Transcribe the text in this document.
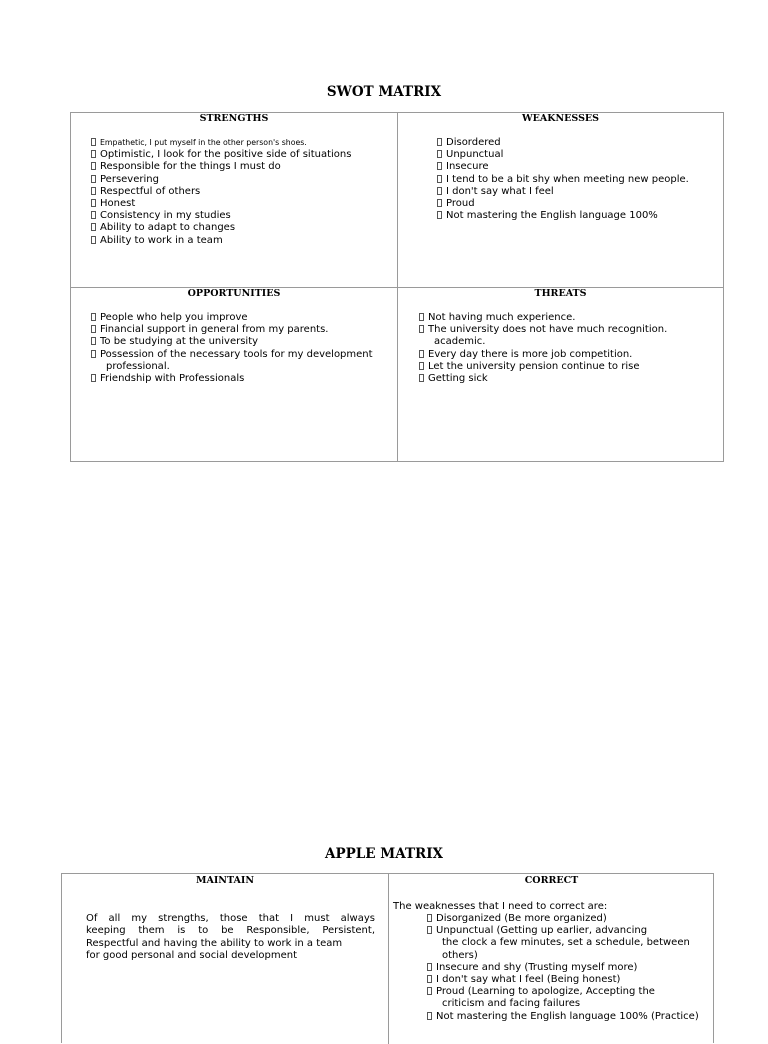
SWOT MATRIX
STRENGTHS
Empathetic, I put myself in the other person's shoes.
Optimistic, I look for the positive side of situations
Responsible for the things I must do
Persevering
Respectful of others
Honest
Consistency in my studies
Ability to adapt to changes
Ability to work in a team
WEAKNESSES
Disordered
Unpunctual
Insecure
I tend to be a bit shy when meeting new people.
I don't say what I feel
Proud
Not mastering the English language 100%
OPPORTUNITIES
People who help you improve
Financial support in general from my parents.
To be studying at the university
Possession of the necessary tools for my development
professional.
Friendship with Professionals
THREATS
Not having much experience.
The university does not have much recognition.
academic.
Every day there is more job competition.
Let the university pension continue to rise
Getting sick
APPLE MATRIX
MAINTAIN
Of all my strengths, those that I must always
keeping them is to be Responsible, Persistent,
Respectful and having the ability to work in a team
for good personal and social development
CORRECT
The weaknesses that I need to correct are:
Disorganized (Be more organized)
Unpunctual (Getting up earlier, advancing
the clock a few minutes, set a schedule, between
others)
Insecure and shy (Trusting myself more)
I don't say what I feel (Being honest)
Proud (Learning to apologize, Accepting the
criticism and facing failures
Not mastering the English language 100% (Practice)
